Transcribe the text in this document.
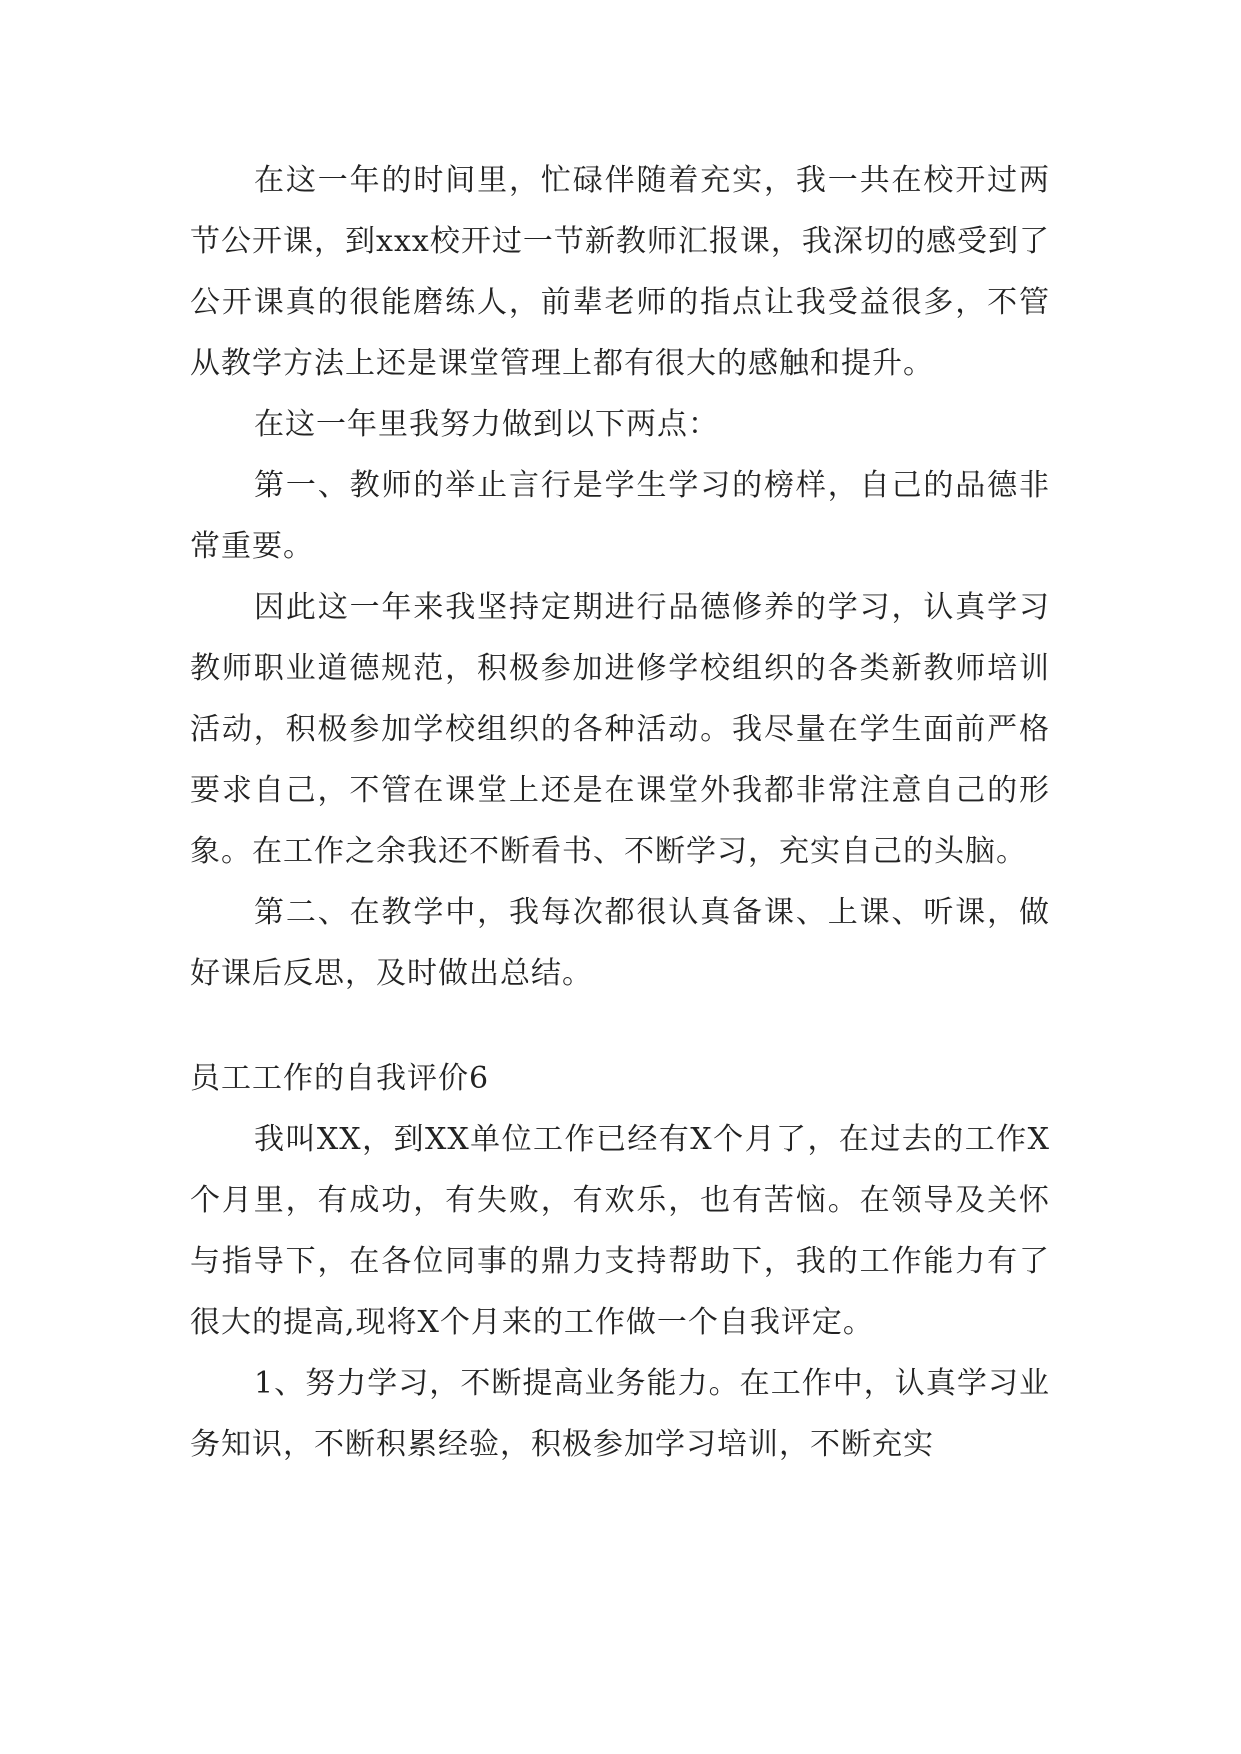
在这一年的时间里，忙碌伴随着充实，我一共在校开过两节公开课，到xxx校开过一节新教师汇报课，我深切的感受到了公开课真的很能磨练人，前辈老师的指点让我受益很多，不管从教学方法上还是课堂管理上都有很大的感触和提升。

在这一年里我努力做到以下两点：

第一、教师的举止言行是学生学习的榜样，自己的品德非常重要。

因此这一年来我坚持定期进行品德修养的学习，认真学习教师职业道德规范，积极参加进修学校组织的各类新教师培训活动，积极参加学校组织的各种活动。我尽量在学生面前严格要求自己，不管在课堂上还是在课堂外我都非常注意自己的形象。在工作之余我还不断看书、不断学习，充实自己的头脑。

第二、在教学中，我每次都很认真备课、上课、听课，做好课后反思，及时做出总结。

员工工作的自我评价6

我叫XX，到XX单位工作已经有X个月了，在过去的工作X个月里，有成功，有失败，有欢乐，也有苦恼。在领导及关怀与指导下，在各位同事的鼎力支持帮助下，我的工作能力有了很大的提高,现将X个月来的工作做一个自我评定。

1、努力学习，不断提高业务能力。在工作中，认真学习业务知识，不断积累经验，积极参加学习培训，不断充实
